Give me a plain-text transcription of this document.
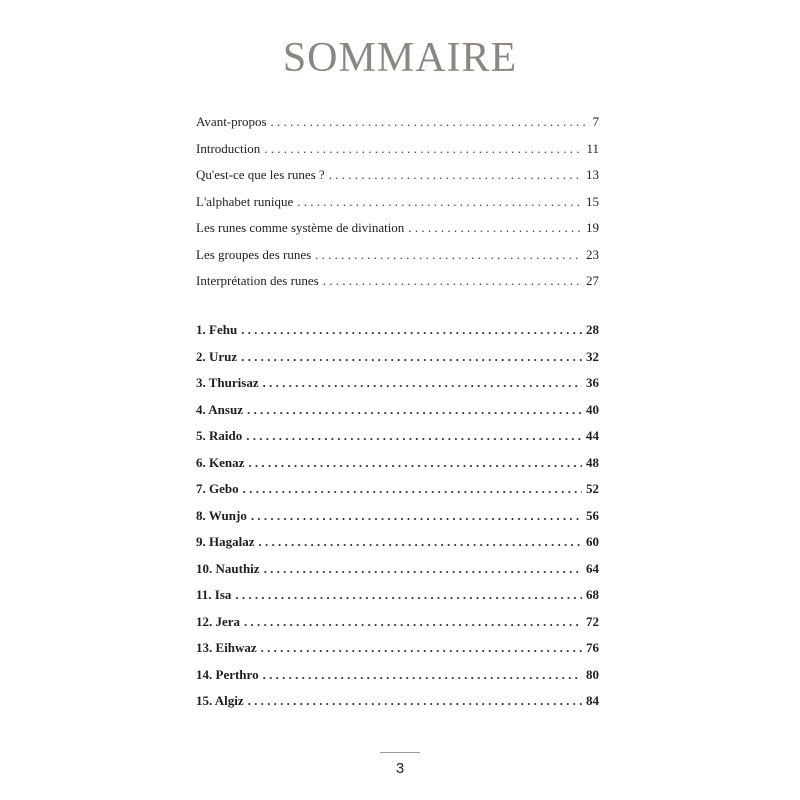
SOMMAIRE
Avant-propos . . .	7
Introduction . . .	11
Qu'est-ce que les runes ? . . .	13
L'alphabet runique . . .	15
Les runes comme système de divination . . .	19
Les groupes des runes . . .	23
Interprétation des runes . . .	27
1. Fehu . . .	28
2. Uruz . . .	32
3. Thurisaz . . .	36
4. Ansuz . . .	40
5. Raido . . .	44
6. Kenaz . . .	48
7. Gebo . . .	52
8. Wunjo . . .	56
9. Hagalaz . . .	60
10. Nauthiz . . .	64
11. Isa . . .	68
12. Jera . . .	72
13. Eihwaz . . .	76
14. Perthro . . .	80
15. Algiz . . .	84
3
